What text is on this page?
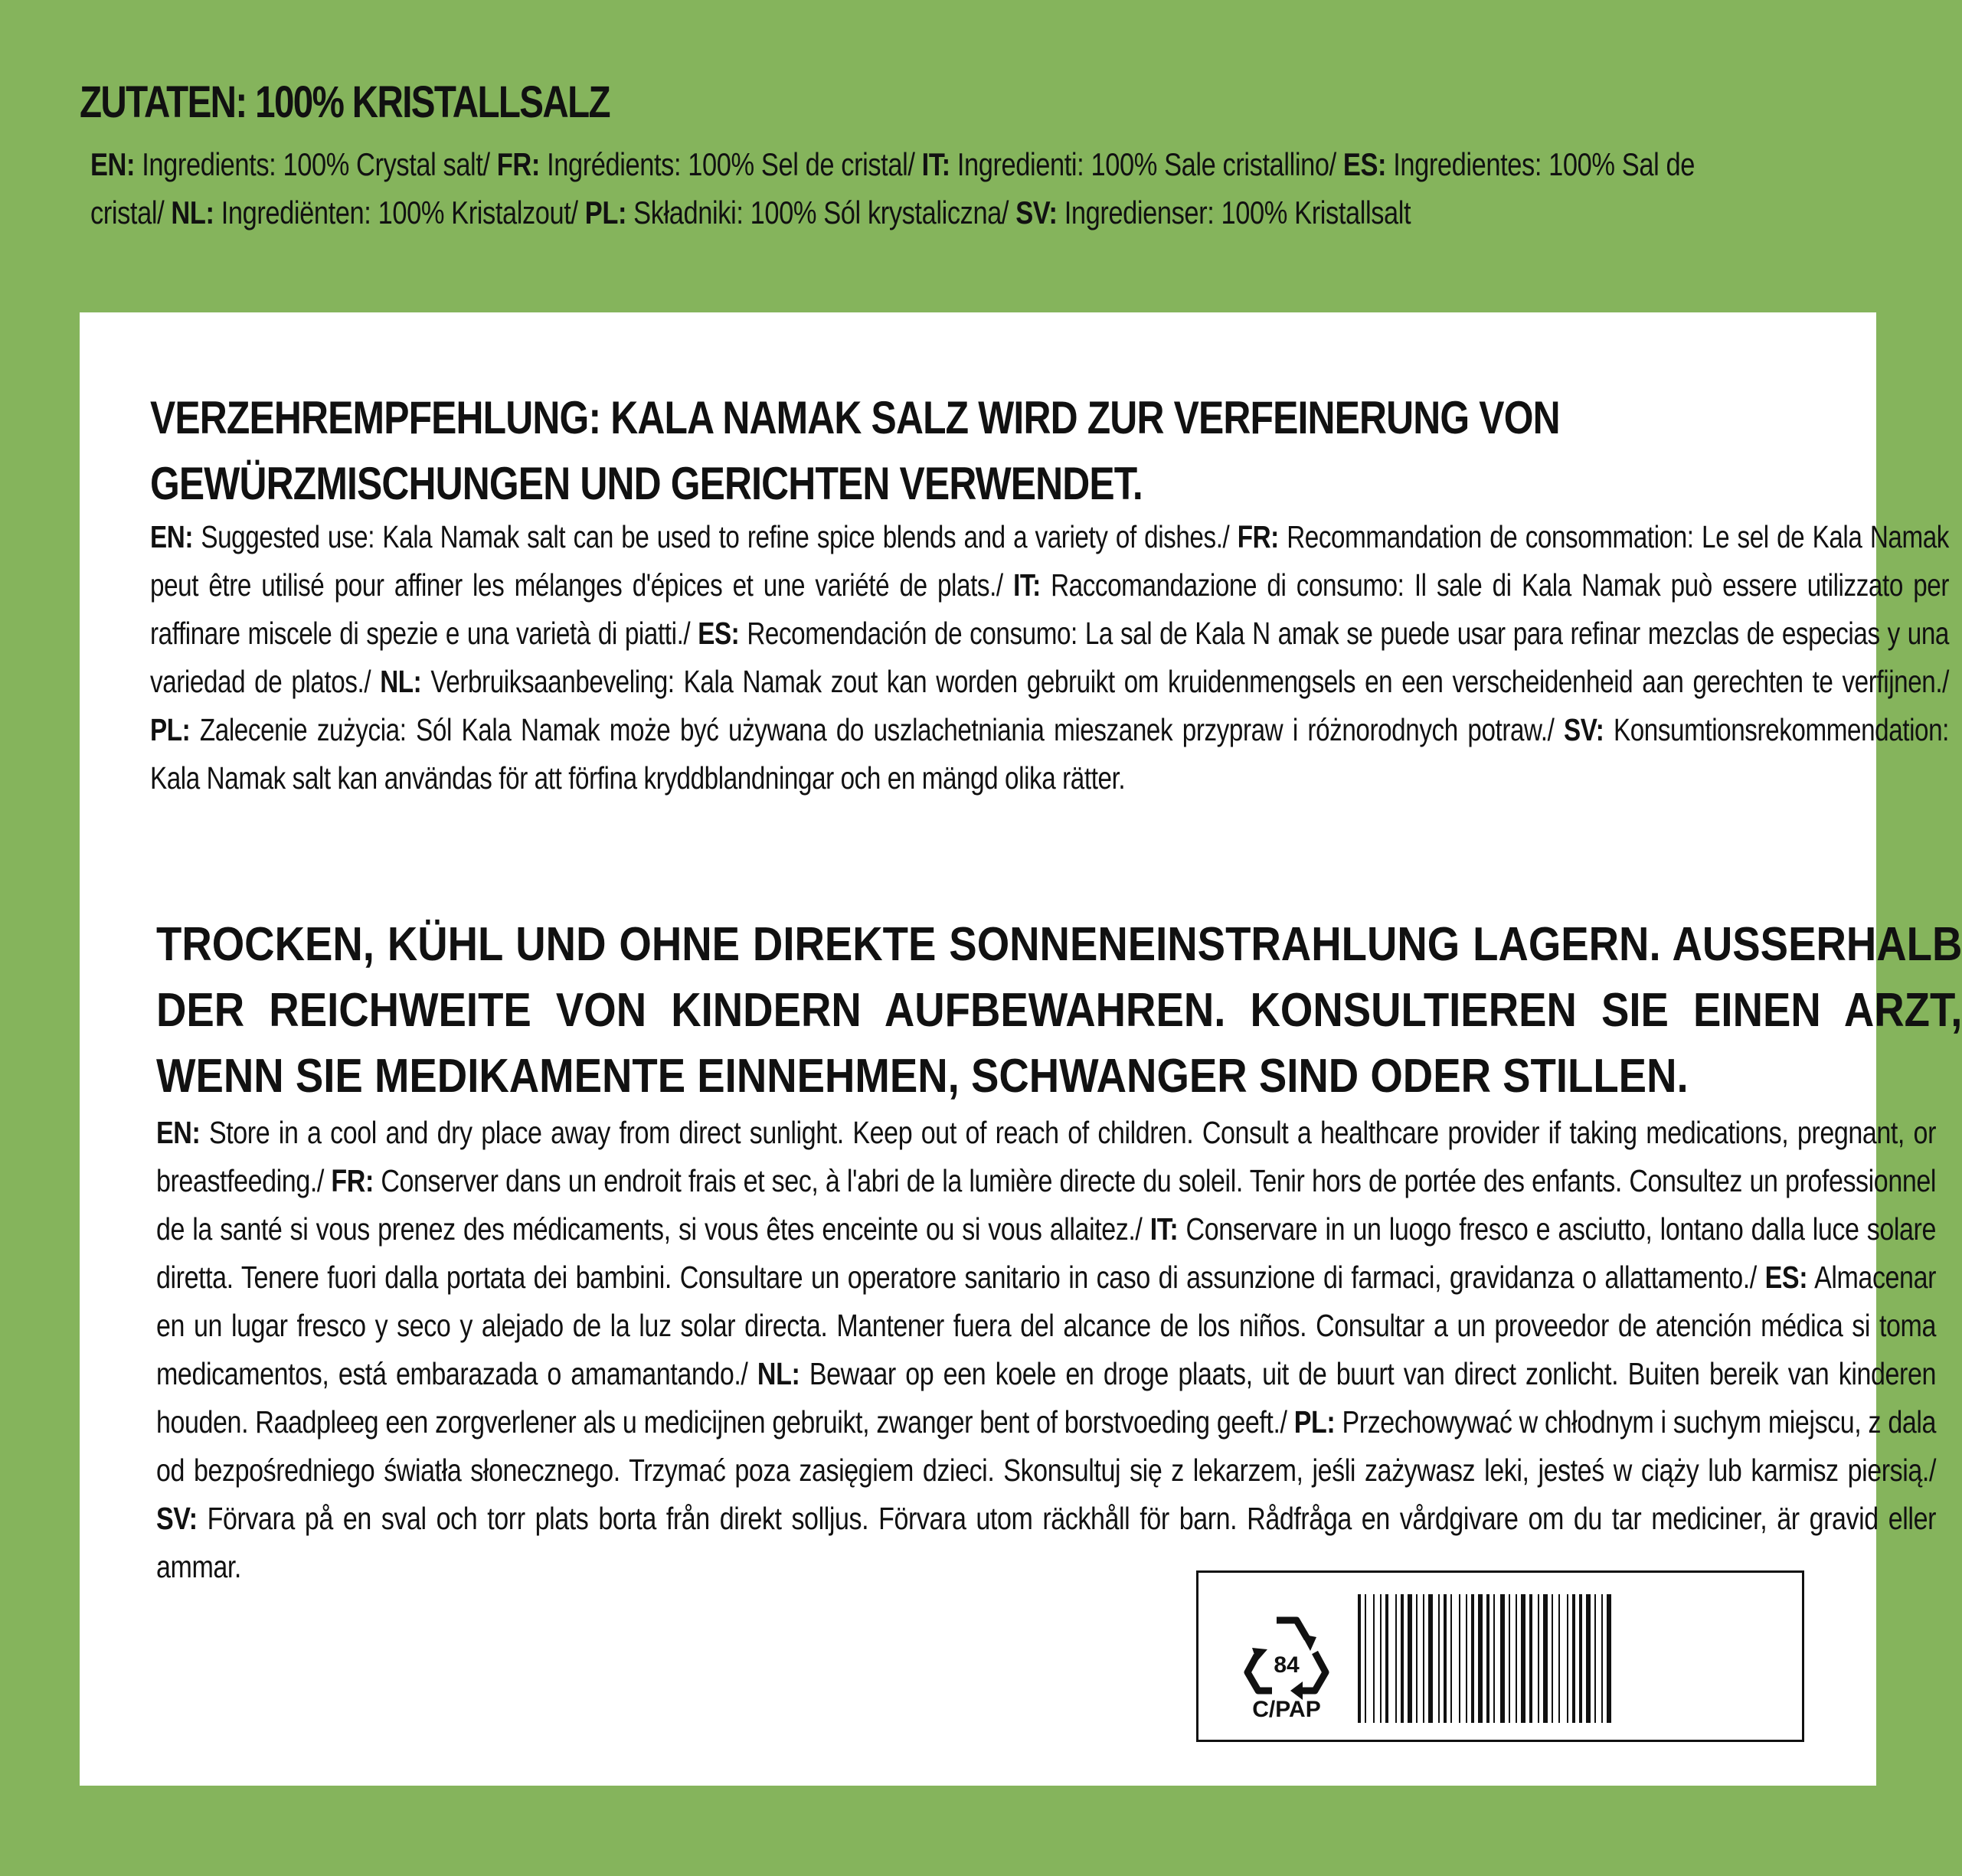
ZUTATEN: 100% KRISTALLSALZ

EN: Ingredients: 100% Crystal salt/ FR: Ingrédients: 100% Sel de cristal/ IT: Ingredienti: 100% Sale cristallino/ ES: Ingredientes: 100% Sal de cristal/ NL: Ingrediënten: 100% Kristalzout/ PL: Składniki: 100% Sól krystaliczna/ SV: Ingredienser: 100% Kristallsalt

VERZEHREMPFEHLUNG: KALA NAMAK SALZ WIRD ZUR VERFEINERUNG VON GEWÜRZMISCHUNGEN UND GERICHTEN VERWENDET.

EN: Suggested use: Kala Namak salt can be used to refine spice blends and a variety of dishes./ FR: Recommandation de consommation: Le sel de Kala Namak peut être utilisé pour affiner les mélanges d'épices et une variété de plats./ IT: Raccomandazione di consumo: Il sale di Kala Namak può essere utilizzato per raffinare miscele di spezie e una varietà di piatti./ ES: Recomendación de consumo: La sal de Kala N amak se puede usar para refinar mezclas de especias y una variedad de platos./ NL: Verbruiksaanbeveling: Kala Namak zout kan worden gebruikt om kruidenmengsels en een verscheidenheid aan gerechten te verfijnen./ PL: Zalecenie zużycia: Sól Kala Namak może być używana do uszlachetniania mieszanek przypraw i różnorodnych potraw./ SV: Konsumtionsrekommendation: Kala Namak salt kan användas för att förfina kryddblandningar och en mängd olika rätter.

TROCKEN, KÜHL UND OHNE DIREKTE SONNENEINSTRAHLUNG LAGERN. AUSSERHALB DER REICHWEITE VON KINDERN AUFBEWAHREN. KONSULTIEREN SIE EINEN ARZT, WENN SIE MEDIKAMENTE EINNEHMEN, SCHWANGER SIND ODER STILLEN.

EN: Store in a cool and dry place away from direct sunlight. Keep out of reach of children. Consult a healthcare provider if taking medications, pregnant, or breastfeeding./ FR: Conserver dans un endroit frais et sec, à l'abri de la lumière directe du soleil. Tenir hors de portée des enfants. Consultez un professionnel de la santé si vous prenez des médicaments, si vous êtes enceinte ou si vous allaitez./ IT: Conservare in un luogo fresco e asciutto, lontano dalla luce solare diretta. Tenere fuori dalla portata dei bambini. Consultare un operatore sanitario in caso di assunzione di farmaci, gravidanza o allattamento./ ES: Almacenar en un lugar fresco y seco y alejado de la luz solar directa. Mantener fuera del alcance de los niños. Consultar a un proveedor de atención médica si toma medicamentos, está embarazada o amamantando./ NL: Bewaar op een koele en droge plaats, uit de buurt van direct zonlicht. Buiten bereik van kinderen houden. Raadpleeg een zorgverlener als u medicijnen gebruikt, zwanger bent of borstvoeding geeft./ PL: Przechowywać w chłodnym i suchym miejscu, z dala od bezpośredniego światła słonecznego. Trzymać poza zasięgiem dzieci. Skonsultuj się z lekarzem, jeśli zażywasz leki, jesteś w ciąży lub karmisz piersią./ SV: Förvara på en sval och torr plats borta från direkt solljus. Förvara utom räckhåll för barn. Rådfråga en vårdgivare om du tar mediciner, är gravid eller ammar.

84
C/PAP
